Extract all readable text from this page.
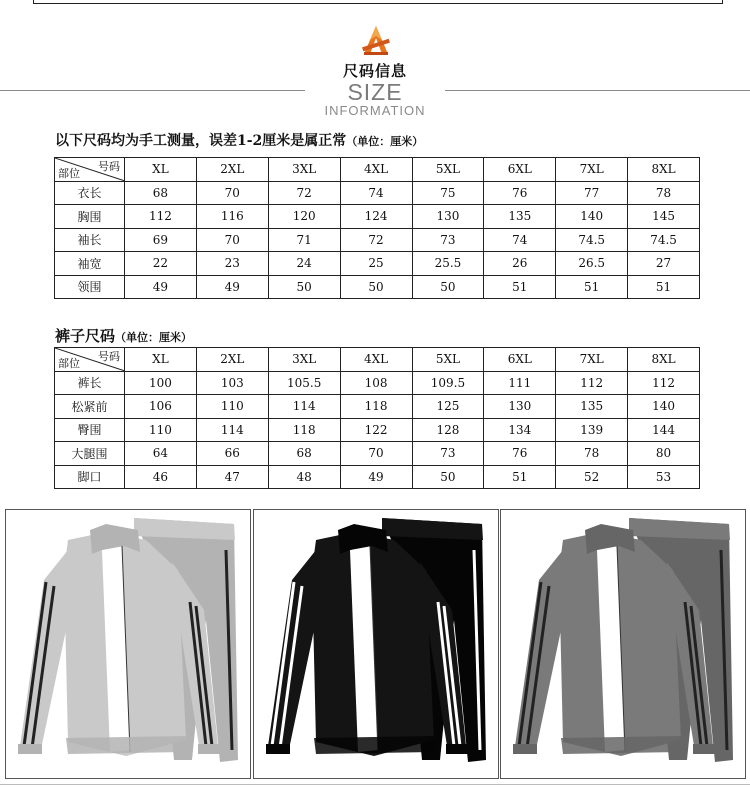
尺码信息
SIZE
INFORMATION
以下尺码均为手工测量，误差1-2厘米是属正常（单位：厘米）
号码
部位	XL	2XL	3XL	4XL	5XL	6XL	7XL	8XL
衣长	68	70	72	74	75	76	77	78
胸围	112	116	120	124	130	135	140	145
袖长	69	70	71	72	73	74	74.5	74.5
袖宽	22	23	24	25	25.5	26	26.5	27
领围	49	49	50	50	50	51	51	51
裤子尺码（单位：厘米）
号码
部位	XL	2XL	3XL	4XL	5XL	6XL	7XL	8XL
裤长	100	103	105.5	108	109.5	111	112	112
松紧前	106	110	114	118	125	130	135	140
臀围	110	114	118	122	128	134	139	144
大腿围	64	66	68	70	73	76	78	80
脚口	46	47	48	49	50	51	52	53
